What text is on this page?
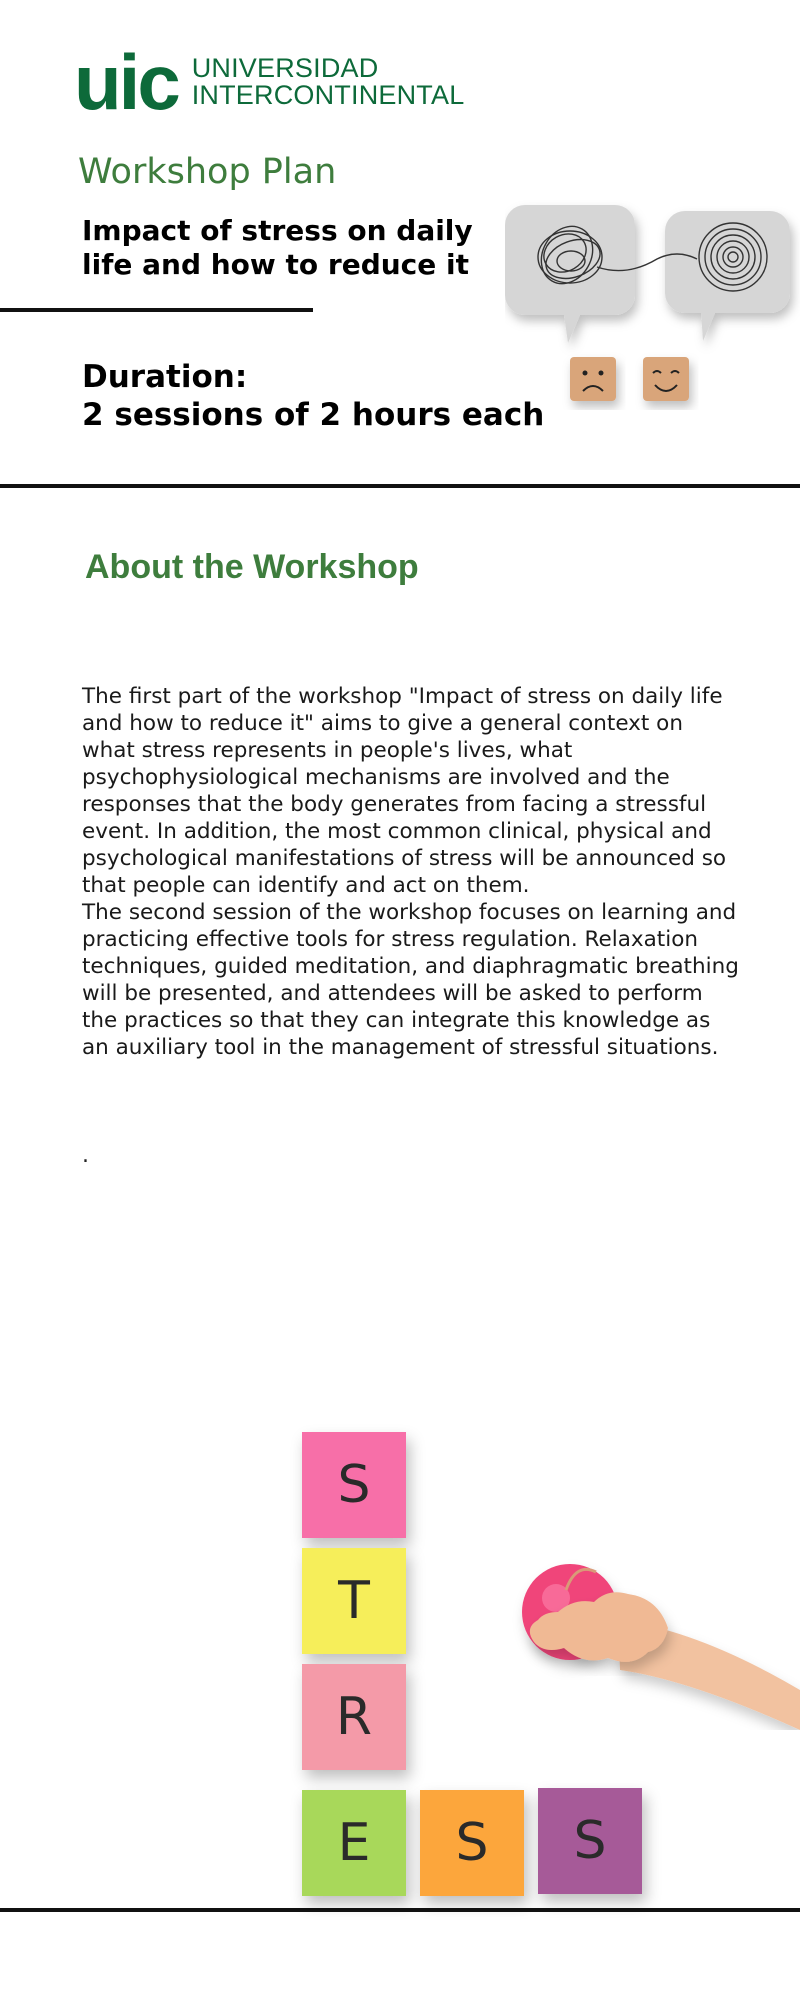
uic UNIVERSIDAD
INTERCONTINENTAL
Workshop Plan
Impact of stress on daily
life and how to reduce it
Duration:
2 sessions of 2 hours each
About the Workshop

The first part of the workshop "Impact of stress on daily life and how to reduce it" aims to give a general context on what stress represents in people's lives, what psychophysiological mechanisms are involved and the responses that the body generates from facing a stressful event. In addition, the most common clinical, physical and psychological manifestations of stress will be announced so that people can identify and act on them.

The second session of the workshop focuses on learning and practicing effective tools for stress regulation. Relaxation techniques, guided meditation, and diaphragmatic breathing will be presented, and attendees will be asked to perform the practices so that they can integrate this knowledge as an auxiliary tool in the management of stressful situations.

.
S
T
R
E	S	S
